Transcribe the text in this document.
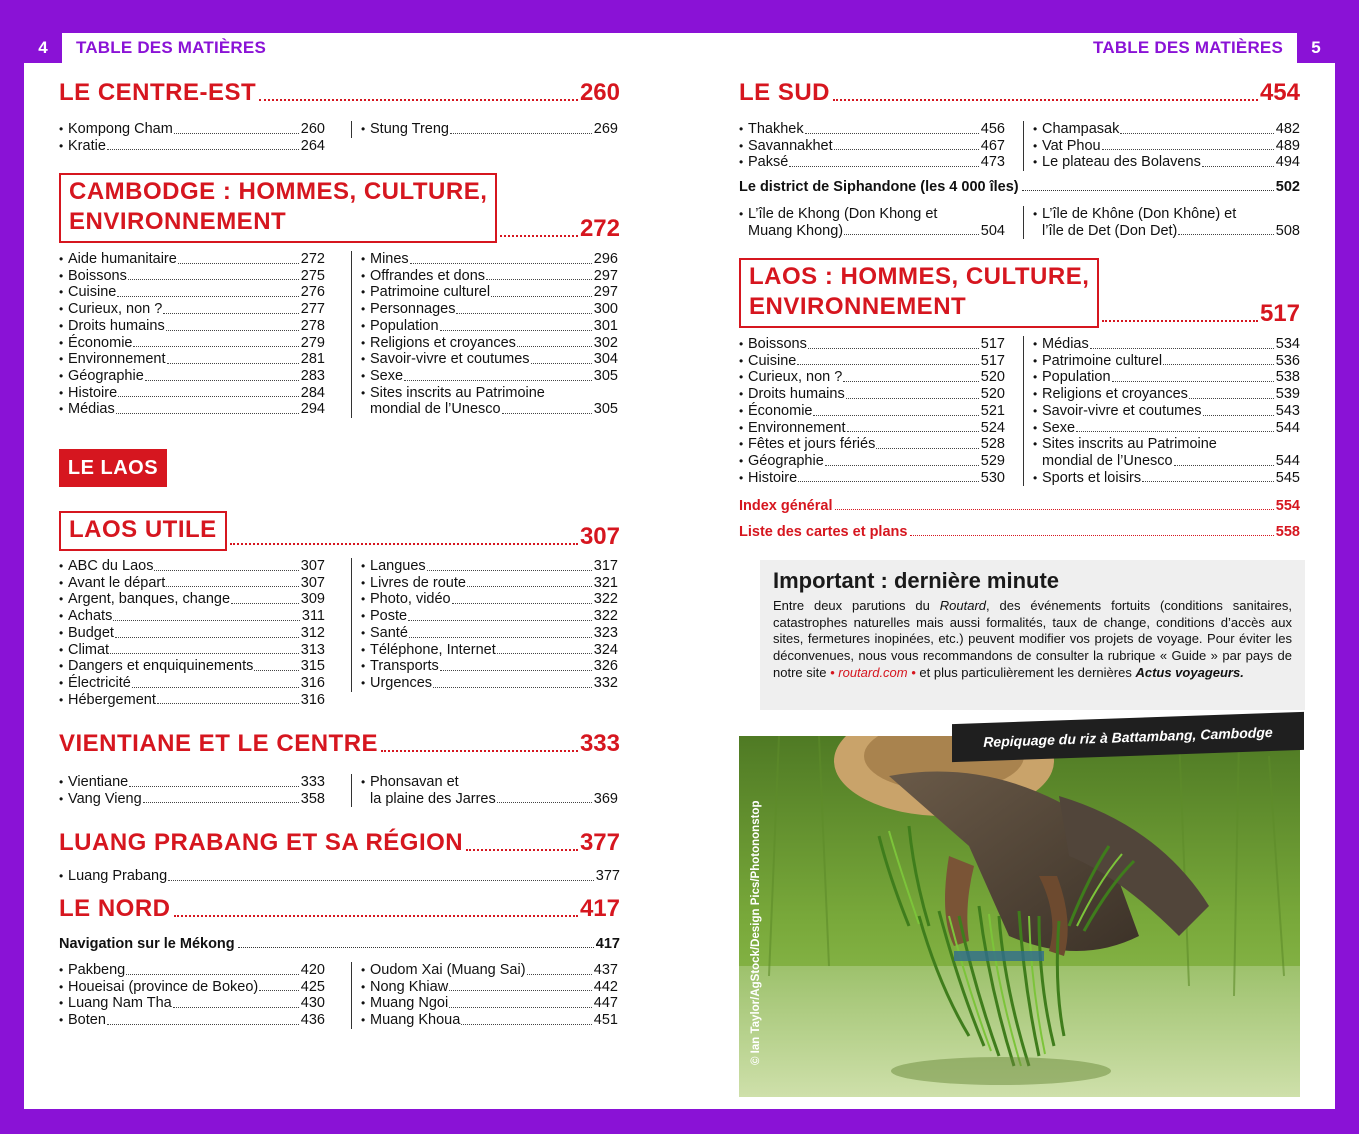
4	TABLE DES MATIÈRES
LE CENTRE-EST	260
• Kompong Cham	260
• Kratie	264
• Stung Treng	269
CAMBODGE : HOMMES, CULTURE,
ENVIRONNEMENT	272
• Aide humanitaire	272
• Boissons	275
• Cuisine	276
• Curieux, non ?	277
• Droits humains	278
• Économie	279
• Environnement	281
• Géographie	283
• Histoire	284
• Médias	294
• Mines	296
• Offrandes et dons	297
• Patrimoine culturel	297
• Personnages	300
• Population	301
• Religions et croyances	302
• Savoir-vivre et coutumes	304
• Sexe	305
• Sites inscrits au Patrimoine
mondial de l’Unesco	305
LE LAOS
LAOS UTILE	307
• ABC du Laos	307
• Avant le départ	307
• Argent, banques, change	309
• Achats	311
• Budget	312
• Climat	313
• Dangers et enquiquinements	315
• Électricité	316
• Hébergement	316
• Langues	317
• Livres de route	321
• Photo, vidéo	322
• Poste	322
• Santé	323
• Téléphone, Internet	324
• Transports	326
• Urgences	332
VIENTIANE ET LE CENTRE	333
• Vientiane	333
• Vang Vieng	358
• Phonsavan et
la plaine des Jarres	369
LUANG PRABANG ET SA RÉGION	377
• Luang Prabang	377
LE NORD	417
Navigation sur le Mékong	417
• Pakbeng	420
• Houeisai (province de Bokeo)	425
• Luang Nam Tha	430
• Boten	436
• Oudom Xai (Muang Sai)	437
• Nong Khiaw	442
• Muang Ngoi	447
• Muang Khoua	451
TABLE DES MATIÈRES	5
LE SUD	454
• Thakhek	456
• Savannakhet	467
• Paksé	473
• Champasak	482
• Vat Phou	489
• Le plateau des Bolavens	494
Le district de Siphandone (les 4 000 îles)	502
• L’île de Khong (Don Khong et
Muang Khong)	504
• L’île de Khône (Don Khône) et
l’île de Det (Don Det)	508
LAOS : HOMMES, CULTURE,
ENVIRONNEMENT	517
• Boissons	517
• Cuisine	517
• Curieux, non ?	520
• Droits humains	520
• Économie	521
• Environnement	524
• Fêtes et jours fériés	528
• Géographie	529
• Histoire	530
• Médias	534
• Patrimoine culturel	536
• Population	538
• Religions et croyances	539
• Savoir-vivre et coutumes	543
• Sexe	544
• Sites inscrits au Patrimoine
mondial de l’Unesco	544
• Sports et loisirs	545
Index général	554
Liste des cartes et plans	558
Important : dernière minute
Entre deux parutions du Routard, des événements fortuits (conditions sanitaires, catastrophes naturelles mais aussi formalités, taux de change, conditions d’accès aux sites, fermetures inopinées, etc.) peuvent modifier vos projets de voyage. Pour éviter les déconvenues, nous vous recommandons de consulter la rubrique « Guide » par pays de notre site • routard.com • et plus particulièrement les dernières Actus voyageurs.
Repiquage du riz à Battambang, Cambodge
© Ian Taylor/AgStock/Design Pics/Photononstop
